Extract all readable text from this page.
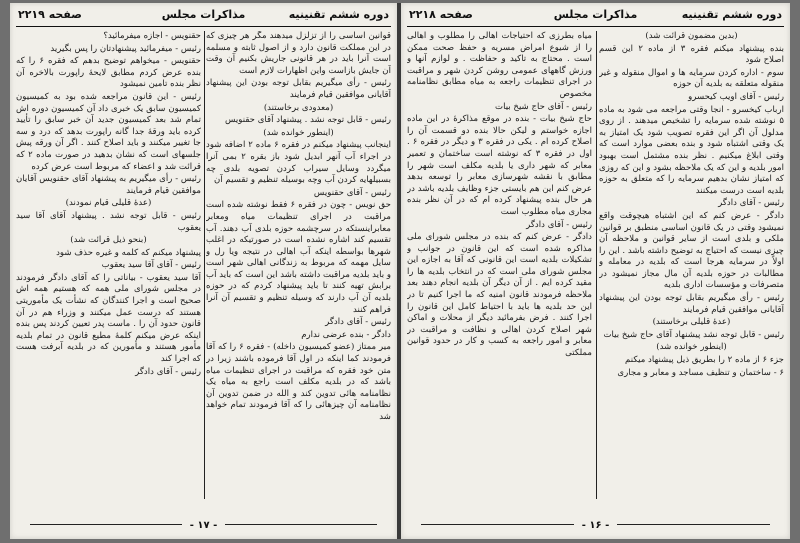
دوره ششم تقنینیه
مذاکرات مجلس
صفحه ۲۲۱۹

قوانین اساسی را از تزلزل میدهند مگر هر چیزی که در این مملکت قانون دارد و از اصول ثابته و مسلمه است آنرا باید در هر قانونی جاریش بکنیم آن وقت آن جایش بازاست واین اظهارات لازم است

رئیس - رأی میگیریم بقابل توجه بودن این پیشنهاد آقایانی موافقین قیام فرمایند

(معدودی برخاستند)

رئیس - قابل توجه نشد . پیشنهاد آقای حقنویس

(اینطور خوانده شد)

اینجانب پیشنهاد میکنم در فقره ۶ ماده ۲ اضافه شود در اجراء آب آنهر ابدیل شود باز بقره ۲ بمی آنرا میگردد وسایل سیراب کردن تصویه بلدی چه بسبیلهایه کردن آب وچه بوسیله تنظیم و تقسیم آن

رئیس - آقای حقنویس

حق نویس - چون در فقره ۶ فقط نوشته شده است مراقبت در اجرای تنظیمات میاه ومعابر معابراینستکه در سرچشمه حوزه بلدی آب دهند. آب تقسیم کند اشاره نشده است در صورتیکه در اغلب شهرها بواسطه اینکه آب اهالی در نتیجه ویا رل و سایل مهمه که مربوط به زندگانی اهالی شهر است و باید بلدیه مراقبت داشته باشد این است که باید آب برابش تهیه کنند تا باید پیشنهاد کردم که در حوزه بلدیه آن آب دارند که وسیله تنظیم و تقسیم آن آنرا فراهم کنند

رئیس - آقای دادگر

دادگر - بنده عرضی ندارم

میر ممتاز (عضو کمیسیون داخله) - فقره ۶ را که آقا فرمودند کما اینکه در اول آقا فرموده باشند زیرا در متن خود فقره که مراقبت در اجرای تنظیمات میاه باشد که در بلدیه مکلف است راجع به میاه یک نظامنامه هائی تدوین کند و الله در ضمن تدوین آن نظامنامه آن چیزهائی را که آقا فرمودند تمام خواهد شد

حقنویس - اجازه میفرمائید؟

رئیس - میفرمائید پیشنهادتان را پس بگیرید

حقنویس - میخواهم توضیح بدهم که فقره ۶ را که بنده عرض کردم مطابق لایحۀ راپورت بالاخره آن نظر بنده تامین نمیشود

رئیس - این قانون مراجعه شده بود به کمیسیون کمیسیون سابق یک خبری داد آن کمیسیون دوره اش تمام شد بعد کمیسیون جدید آن خبر سابق را تأیید کرده باید ورقۀ جدا گانه راپورت بدهد که درد و سه جا تغییر میکنند و باید اصلاح کنند . اگر آن ورقه پیش جلسهای است که نشان بدهید در صورت ماده ۲ که قرائت شد و اعضاء که مربوط است عرض کرده

رئیس - رأی میگیریم به پیشنهاد آقای حقنویس آقایان موافقین قیام فرمایند

(عدۀ قلیلی قیام نمودند)

رئیس - قابل توجه نشد . پیشنهاد آقای آقا سید یعقوب

(بنحو ذیل قرائت شد)

پیشنهاد میکنم که کلمه و غیره حذف شود

رئیس - آقای آقا سید یعقوب

آقا سید یعقوب - بیاناتی را که آقای دادگر فرمودند در مجلس شورای ملی همه که هستیم همه اش صحیح است و اجرا کنندگان که نشأت یک مأموریتی هستند که درست عمل میکنند و وزراء هم در آن قانون حدود آن را . ماست پدر تعیین کردند پس بنده اینکه عرض میکنم کلمۀ مطیع قانون در تمام بلدیه مأمور هستند و مأمورین که در بلدیه آبرفت هست که اجرا کند

رئیس - آقای دادگر

- ۱۷ -
دوره ششم تقنینیه
مذاکرات مجلس
صفحه ۲۲۱۸

(بدین مضمون قرائت شد)

بنده پیشنهاد میکنم فقره ۳ از ماده ۲ این قسم اصلاح شود

سوم - اداره کردن سرمایه ها و اموال منقوله و غیر منقوله متعلقه به بلدیه آن حوزه

رئیس - آقای اویب کیحسرو

ارباب کیخسرو - انجا وقتی مراجعه می شود به ماده ۵ نوشته شده سرمایه را تشخیص میدهند . از روی مدلول آن اگر این فقره تصویب شود یک امتیاز به یک وقتی اشتباه شود و بنده بعضی موارد است که وقتی ابلاغ میکنیم . نظر بنده مشتمل است بهبود امور بلدیه و این که یک ملاحظه بشود و این که روزی که امتیاز نشان بدهیم سرمایه را که متعلق به حوزه بلدیه است درست میکنند

رئیس - آقای دادگر

دادگر - عرض کنم که این اشتباه هیچوقت واقع نمیشود وقتی در یک قانون اساسی منطبق بر قوانین ملکی و بلدی است از سایر قوانین و ملاحظه آن چیزی نیست که احتیاج به توضیح داشته باشد . این را اولاً در سرمایه هرجا است که بلدیه در معامله و مطالبات در حوزه بلدیه آن مال مجاز نمیشود در متصرفات و مؤسسات اداری بلدیه

رئیس - رأی میگیریم بقابل توجه بودن این پیشنهاد آقایانی موافقین قیام فرمایند

(عدۀ قلیلی برخاستند)

رئیس - قابل توجه نشد پیشنهاد آقای حاج شیخ بیات

(اینطور خوانده شد)

جزء ۶ از ماده ۲ را بطریق ذیل پیشنهاد میکنم

۶ - ساختمان و تنظیف مساجد و معابر و مجاری

میاه بطرزی که احتیاجات اهالی را مطلوب و اهالی را از شیوع امراض مسریه و حفظ صحت ممکن است . محتاج به تاکید و حفاظت . و لوازم آنها و ورزش گاههای عمومی روشن کردن شهر و مراقبت در اجرای تنظیمات راجعه به میاه مطابق نظامنامه مخصوص

رئیس - آقای حاج شیخ بیات

حاج شیخ بیات - بنده در موقع مذاکرۀ در این ماده اجازه خواستم و لیکن حالا بنده دو قسمت آن را اصلاح کرده ام . یکی در فقره ۳ و دیگر در فقره ۶ . اول در فقره ۳ که نوشته است ساختمان و تعمیر معابر که شهر داری یا بلدیه مکلف است شهر را مطابق با نقشه شهرسازی معابر را توسعه بدهد عرض کنم این هم بایستی جزء وظایف بلدیه باشد در هر حال بنده پیشنهاد کرده ام که در آن نظر بنده مجاری میاه مطلوب است

رئیس - آقای دادگر

دادگر - عرض کنم که بنده در مجلس شورای ملی مذاکره شده است که این قانون در جوانب و تشکیلات بلدیه است این قانونی که آقا به اجازه این مجلس شورای ملی است که در انتخاب بلدیه ها را مقید کرده ایم . از آن دیگر آن بلدیه انجام دهند بعد ملاحظه فرمودند قانون امنیه که ما اجرا کنیم تا در این حد بلدیه ها باید با احتیاط کامل این قانون را اجرا کنند . فرض بفرمائید دیگر از محلات و اماکن شهر اصلاح کردن اهالی و نظافت و مراقبت در معابر و امور راجعه به کسب و کار در حدود قوانین مملکتی

- ۱۶ -
